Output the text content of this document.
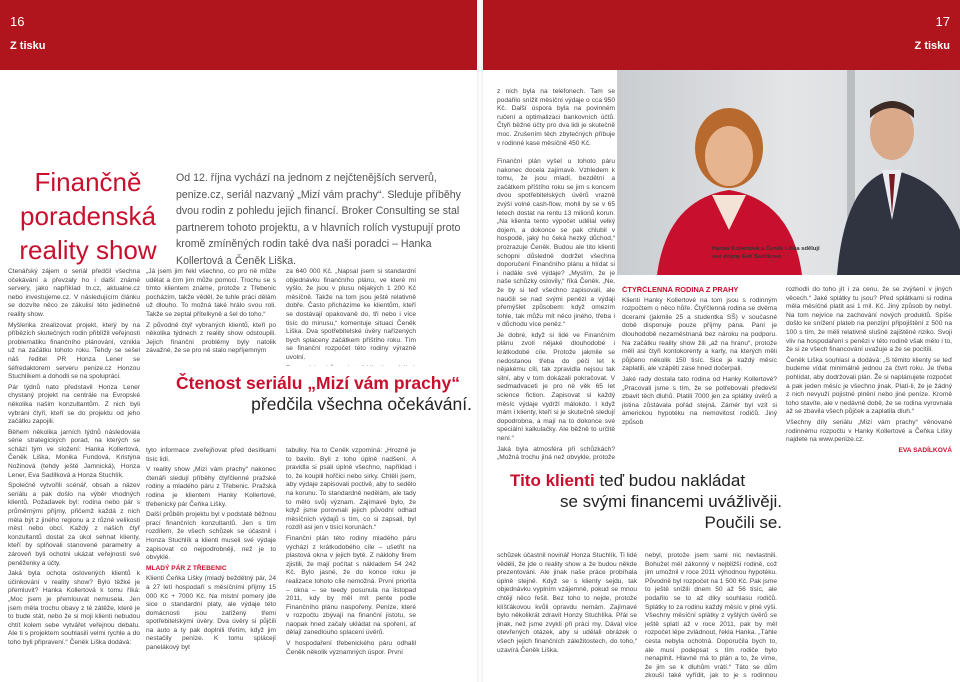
16
Z tisku
17
Z tisku
Finančně
poradenská
reality show
Od 12. října vychází na jednom z nejčtenějších serverů, penize.cz, seriál nazvaný „Mizí vám prachy“. Sleduje příběhy dvou rodin z pohledu jejich financí. Broker Consulting se stal partnerem tohoto projektu, a v hlavních rolích vystupují proto kromě zmíněných rodin také dva naši poradci – Hanka Kollertová a Čeněk Liška.

Čtenářský zájem o seriál předčil všechna očekávání a převzaly ho i další známé servery, jako například tn.cz, aktualne.cz nebo investujeme.cz. V následujícím článku se dozvíte něco ze zákulisí této jedinečné reality show.

Myšlenka zrealizovat projekt, který by na příbězích skutečných rodin přiblížil veřejnosti problematiku finančního plánování, vznikla už na začátku tohoto roku. Tehdy se sešel náš ředitel PR Honza Lener se šéfredaktorem serveru penize.cz Honzou Stuchlíkem a dohodli se na spolupráci.

Pár týdnů nato představil Honza Lener chystaný projekt na centrále na Evropské několika našim konzultantům. Z nich byli vybráni čtyři, kteří se do projektu od jeho začátku zapojili.

Během několika jarních týdnů následovala série strategických porad, na kterých se schází tým ve složení: Hanka Kollertová, Čeněk Liška, Monika Fundová, Kristýna Nožinová (tehdy ještě Jamnická), Honza Lener, Eva Sadílková a Honza Stuchlík.

Společně vytvořili scénář, obsah a název seriálu a pak došlo na výběr vhodných klientů. Požadavek byl: rodina nebo pár s průměrnými příjmy, přičemž každá z nich měla být z jiného regionu a z různé velikosti měst nebo obcí. Každý z našich čtyř konzultantů dostal za úkol sehnat klienty, kteří by splňovali stanovené parametry a zároveň byli ochotni ukázat veřejnosti své peněženky a účty.

Jaká byla ochota oslovených klientů k účinkování v reality show? Bylo těžké je přemluvit? Hanka Kollertová k tomu říká: „Moc jsem je přemlouvat nemusela. Jen jsem měla trochu obavy z té zátěže, které je to bude stát, nebo že si moji klienti nebudou chtít kolem sebe vytvářet veřejnou debatu. Ale ti s projektem souhlasili velmi rychle a do toho byli připravení.“ Čeněk Liška dodává:

„Já jsem jim řekl všechno, co pro ně může udělat a čím jim může pomoci. Trochu se s tímto klientem známe, protože z Třebenic pocházím, takže věděl, že tuhle práci dělám už dlouho. To možná také hrálo svou roli. Takže se zeptal přítelkyně a šel do toho.“

Z původně čtyř vybraných klientů, kteří po několika týdnech z reality show odstoupili. Jejich finanční problémy byly natolik závažné, že se pro ně stalo nepříjemným

za 640 000 Kč. „Napsal jsem si standardní objednávku finančního plánu, ve které mi vyšlo, že jsou v plusu nějakých 1 200 Kč měsíčně. Takže na tom jsou ještě relativně dobře. Často přicházíme ke klientům, kteří se dostávají opakovaně do, tři nebo i více tisíc do minusu,“ komentuje situaci Čeněk Liška. Dva spotřebitelské úvěry nařízených bych splaceny začátkem příštího roku. Tím se finanční rozpočet této rodiny výrazně uvolní.

Čtenost seriálu „Mizí vám prachy“
předčila všechna očekávání.

tyto informace zveřejňovat před desítkami tisíc lidí.

V reality show „Mizí vám prachy“ nakonec čtenáři sledují příběhy čtyřčlenné pražské rodiny a mladého páru z Třebenic. Pražská rodina je klientem Hanky Kollertové, třebenický pár Čeňka Lišky.

Další průběh projektu byl v podstatě běžnou prací finančních konzultantů. Jen s tím rozdílem, že všech schůzek se účastnil i Honza Stuchlík a klienti museli své výdaje zapisovat co nejpodrobněji, než je to obvyklé.

MLADÝ PÁR Z TŘEBENIC

Klienti Čeňka Lišky (mladý beždětný pár, 24 a 27 letí hospodaří s měsíčními příjmy 15 000 Kč + 7000 Kč. Na místní pomery jde sice o standardní platy, ale výdaje této domácnosti jsou zatížený třemi spotřebitelskými úvěry. Dva úvěry si půjčili na auto a ty pak doplnili třetím, když jim nestačily peníze. K tomu splácejí panelákový byt

tabulky. Na to Čeněk vzpomíná: „Hrozně je to bavilo. Byli z toho úplně nadšení. A pravidla si psali úplně všechno, například i to, že koupili hořčici nebo sirky. Chtěli jsem, aby výdaje zapisovali poctivě, aby to sedělo na korunu. To standardně nedělám, ale tady to mělo svůj význam. Zajímavé bylo, že když jsme porovnali jejich původní odhad měsíčních výdajů s tím, co si zapsali, byl rozdíl asi jen v tisíci korunách.“

Finanční plán této rodiny mladého páru vychází z krátkodobého cíle – ušetřit na plastová okna v jejich bytě. Z náklohy firem zjistili, že mají počítat s nákladem 54 242 Kč. Bylo jasné, že do konce roku je realizace tohoto cíle nemožná. První priorita – okna – se teedy posunula na listopad 2011, kdy by měl mít pente podle Finančního plánu naspořeny. Peníze, které v rozpočtu zbývají na finanční jistotu, se naopak hned začaly ukládat na spoření, ať dělají zanedlouho splacení úvěrů.

V hospodaření třebenického páru odhalil Čeněk několik významných úspor. První

z nich byla na telefonech. Tam se podařilo snížit měsíční výdaje o cca 950 Kč. Další úspora byla na povinném ručení a optimalizaci bankovních účtů. Čtyři běžné účty pro dva lidi je skutečně moc. Zrušením těch zbytečných příbuje v rodinné kase měsíčně 450 Kč.

Hanka Kollertová a Čeněk Liška sdělují své dojmy Evě Sadílkové

Finanční plán vyšel u tohoto páru nakonec docela zajímavě. Vzhledem k tomu, že jsou mladí, bezdětní a začátkem příštího roku se jim s koncem dvou spotřebitelských úvěrů vrazně zvýší volné cash-flow, mohli by se v 65 letech dostat na rentu 13 milionů korun. „Na klienta tento výpočet udělal velký dojem, a dokonce se pak chlubil v hospodě, jaký ho čeká hezký důchod,“ prozrazuje Čeněk. Budou ale tito klienti schopni důsledně dodržet všechna doporučení Finančního plánu a hlídat si i nadále své výdaje? „Myslím, že je naše schůzky oslovily,“ říká Čeněk. „Ne, že by si teď všechno zapisovali, ale naučili se nad svými penězi a výdaji přemýšlet způsobem: když omezím tohle, tak můžu mít něco jiného, třeba i v důchodu více peněz.“

Je dobré, když si lidé ve Finančním plánu zvolí nějaké dlouhodobé i krátkodobé cíle. Protože jakmile se nedostanou třeba do péči let k nějakému cíli, tak zpravidla nejsou tak silní, aby v tom dokázali pokračovat. V sedmadvaceti je pro ně věk 65 let science fiction. Zapisovat si každý měsíc výdaje vydrží málokdo. I když mám i klienty, kteří si je skutečně sledují dopodrobna, a mají na to dokonce své speciální kalkulačky. Ale běžně to určitě není.“

Jaká byla atmosféra při schůzkách? „Možná trochu jiná než obvykle, protože

ČTYŘČLENNÁ RODINA Z PRAHY

Klienti Hanky Kollertové na tom jsou s rodinným rozpočtem o něco hůře. Čtyřčlenná rodina se dvěma dcerami (jakmile 25 a studentka SŠ) v současné době disponuje pouze příjmy pána. Paní je dlouhodobě nezaměstnaná bez nároku na podporu. Na začátku reality show žili „až na hranu“, protože měli asi čtyři kontokorenty a karty, na kterých měli půjčeno několik 150 tisíc. Sice je každý měsíc zaplatili, ale vzápětí zase hned dočerpali.

Jaké rady dostala tato rodina od Hanky Kollertové? „Pracovali jsme s tím, že se potřebovali předevší zbavit těch dluhů. Platili 7000 jen za splátky úvěrů a jistina zůstávala pořád stejná. Zámér byl vzít si americkou hypotéku na nemovitost rodičů. Jiný způsob

rozhodli do toho jít i za cenu, že se zvýšení v jiných věcech.“ Jaké splátky tu jsou? Před splátkami si rodina měla měsíčně platit asi 1 mil. Kč. Jiný způsob by nebyl. Na tom nejvíce na zachování nových produktů. Spíše došlo ke snížení plateb na penzijní připojištění z 500 na 100 s tím, že měli relativně slušně zajištěné riziko. Svoji vliv na hospodaření s penězi v této rodině však mělo i to, že si ze všech financování uvažuje a že se pocítili.

Čeněk Liška souhlasí a dodává: „S těmito klienty se teď budeme vídat minimálně jednou za čtvrt roku. Je třeba pohlídat, aby dodržovali plán. Že si naplánujete rozpočet a pak jeden měsíc je všechno jinak. Platí-li, že je žádný z nich nevyuží pojistné plnění nebo jiné peníze. Kromě toho stavíte, ale v nedávné době, že se rodina vyrovnala až se zbavila všech půjček a zaplatila dluh.“

Všechny díly seriálu „Mizí vám prachy“ věnované rodinnému rozpočtu v Hanky Kollertové a Čeňka Lišky najdete na www.penize.cz.

EVA SADÍLKOVÁ

Tito klienti teď budou nakládat
se svými financemi uvážlivěji.
Poučili se.

schůzek účastnil novinář Honza Stuchlík. Ti lidé věděli, že jde o reality show a že budou někde prezentováni. Ale jinak naše práce probíhala úplně stejně. Když se s klienty sejdu, tak objednávku vyplním vzájemně, pokud se mnou chtějí něco řešit. Bez toho to nejde, protože klíšťákovou kvůli opravdu nemám. Zajímavé bylo několikrát zdravit Honzy Stuchlíka. Přál se jinak, než jsme zvyklí při práci my. Dával více otevřených otázek, aby si udělali obrázek o všech jejich finančních záležitostech, do toho,“ uzavírá Čeněk Liška.

nebyl, protože jsem sami nic nevlastnili. Bohužel měl zákonný v nejbližší rodině, což jim umožnil v roce 2011 výhodnou hypotéku. Původně byl rozpočet na 1 500 Kč. Pak jsme to ještě snížili dnem 50 až 56 tisíc, ale podařilo se to až díky souhlasu rodičů. Splátky to za rodinu každý měsíc v plné výši. Všechny měsíční splátky z vyšlých úvěrů se ještě splatí až v roce 2011, pak by měl rozpočet lépe zvládnout, řekla Hanka. „Táhle cesta nebyla ochotná. Doporučila bych to, ale musí podepsat s tím rodiče bylo nenaplnit. Hlavně má to plán a to, že víme, že jim se k dluhům vrátí.“ Táto se dům zkouší také vyřídit, jak to je s rodinnou
